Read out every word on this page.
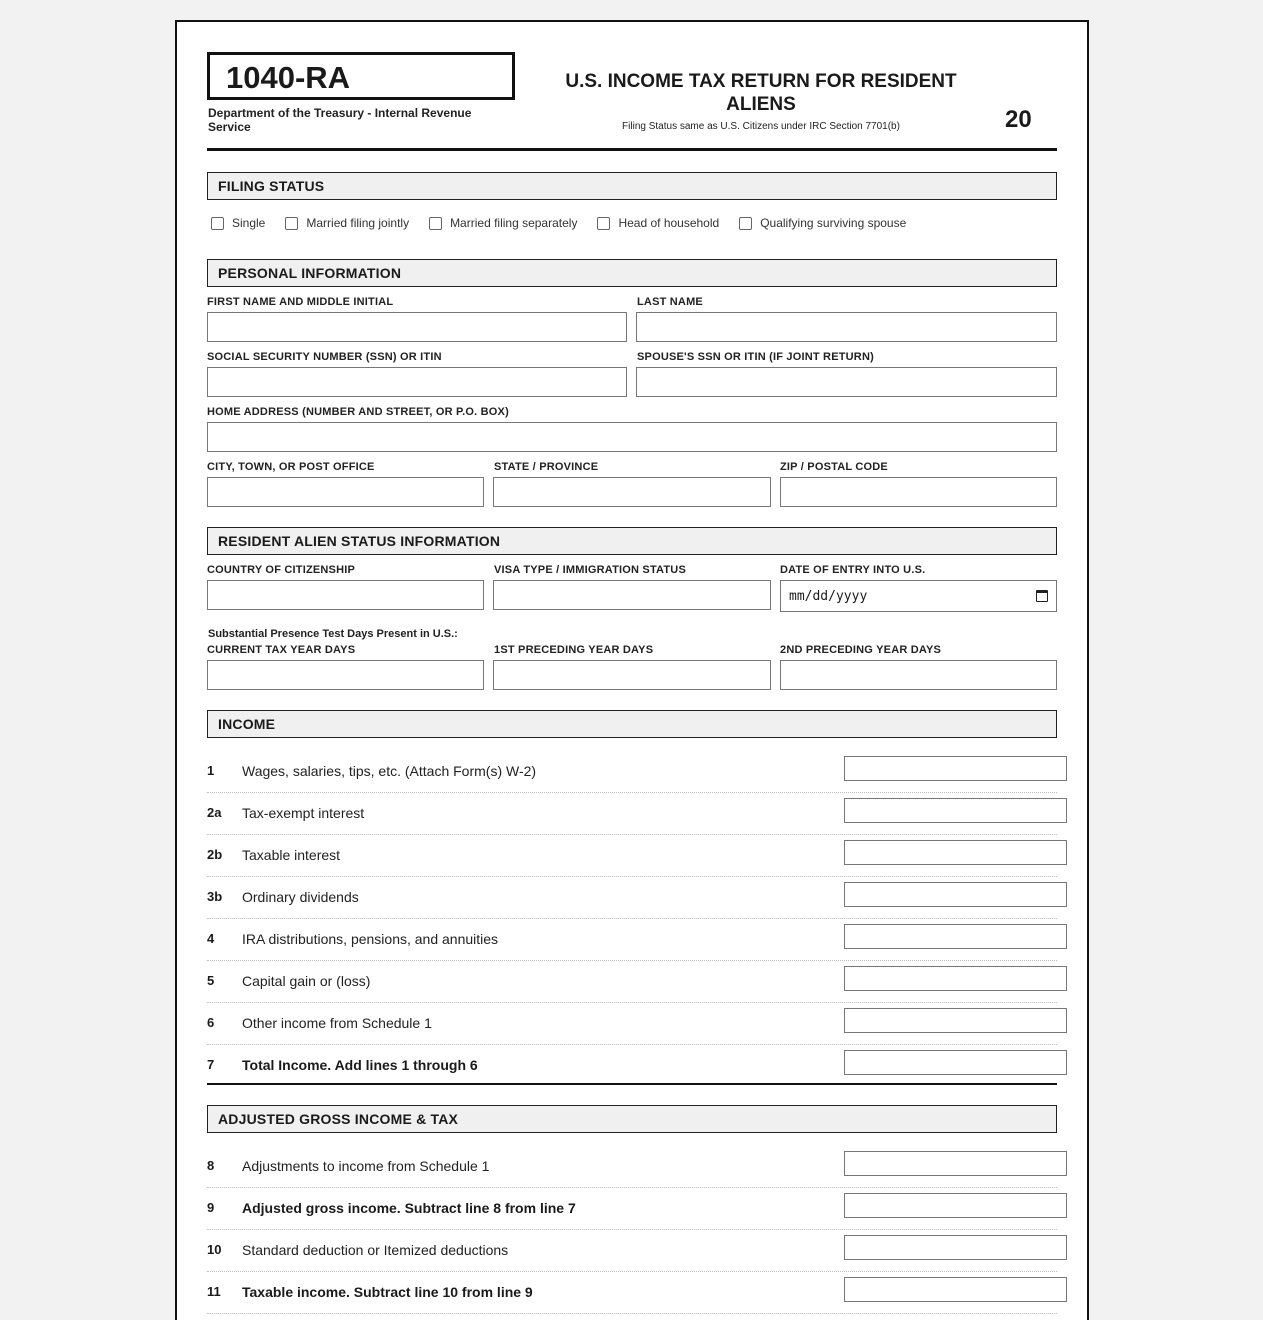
1040-RA
Department of the Treasury - Internal Revenue Service
U.S. INCOME TAX RETURN FOR RESIDENT ALIENS
Filing Status same as U.S. Citizens under IRC Section 7701(b)	20
FILING STATUS
Single	Married filing jointly	Married filing separately	Head of household	Qualifying surviving spouse
PERSONAL INFORMATION
FIRST NAME AND MIDDLE INITIAL	LAST NAME
SOCIAL SECURITY NUMBER (SSN) OR ITIN	SPOUSE'S SSN OR ITIN (IF JOINT RETURN)
HOME ADDRESS (NUMBER AND STREET, OR P.O. BOX)
CITY, TOWN, OR POST OFFICE	STATE / PROVINCE	ZIP / POSTAL CODE
RESIDENT ALIEN STATUS INFORMATION
COUNTRY OF CITIZENSHIP	VISA TYPE / IMMIGRATION STATUS	DATE OF ENTRY INTO U.S.
mm/dd/yyyy
Substantial Presence Test Days Present in U.S.:
CURRENT TAX YEAR DAYS	1ST PRECEDING YEAR DAYS	2ND PRECEDING YEAR DAYS
INCOME
1 Wages, salaries, tips, etc. (Attach Form(s) W-2)
2a Tax-exempt interest
2b Taxable interest
3b Ordinary dividends
4 IRA distributions, pensions, and annuities
5 Capital gain or (loss)
6 Other income from Schedule 1
7 Total Income. Add lines 1 through 6
ADJUSTED GROSS INCOME & TAX
8 Adjustments to income from Schedule 1
9 Adjusted gross income. Subtract line 8 from line 7
10 Standard deduction or Itemized deductions
11 Taxable income. Subtract line 10 from line 9
